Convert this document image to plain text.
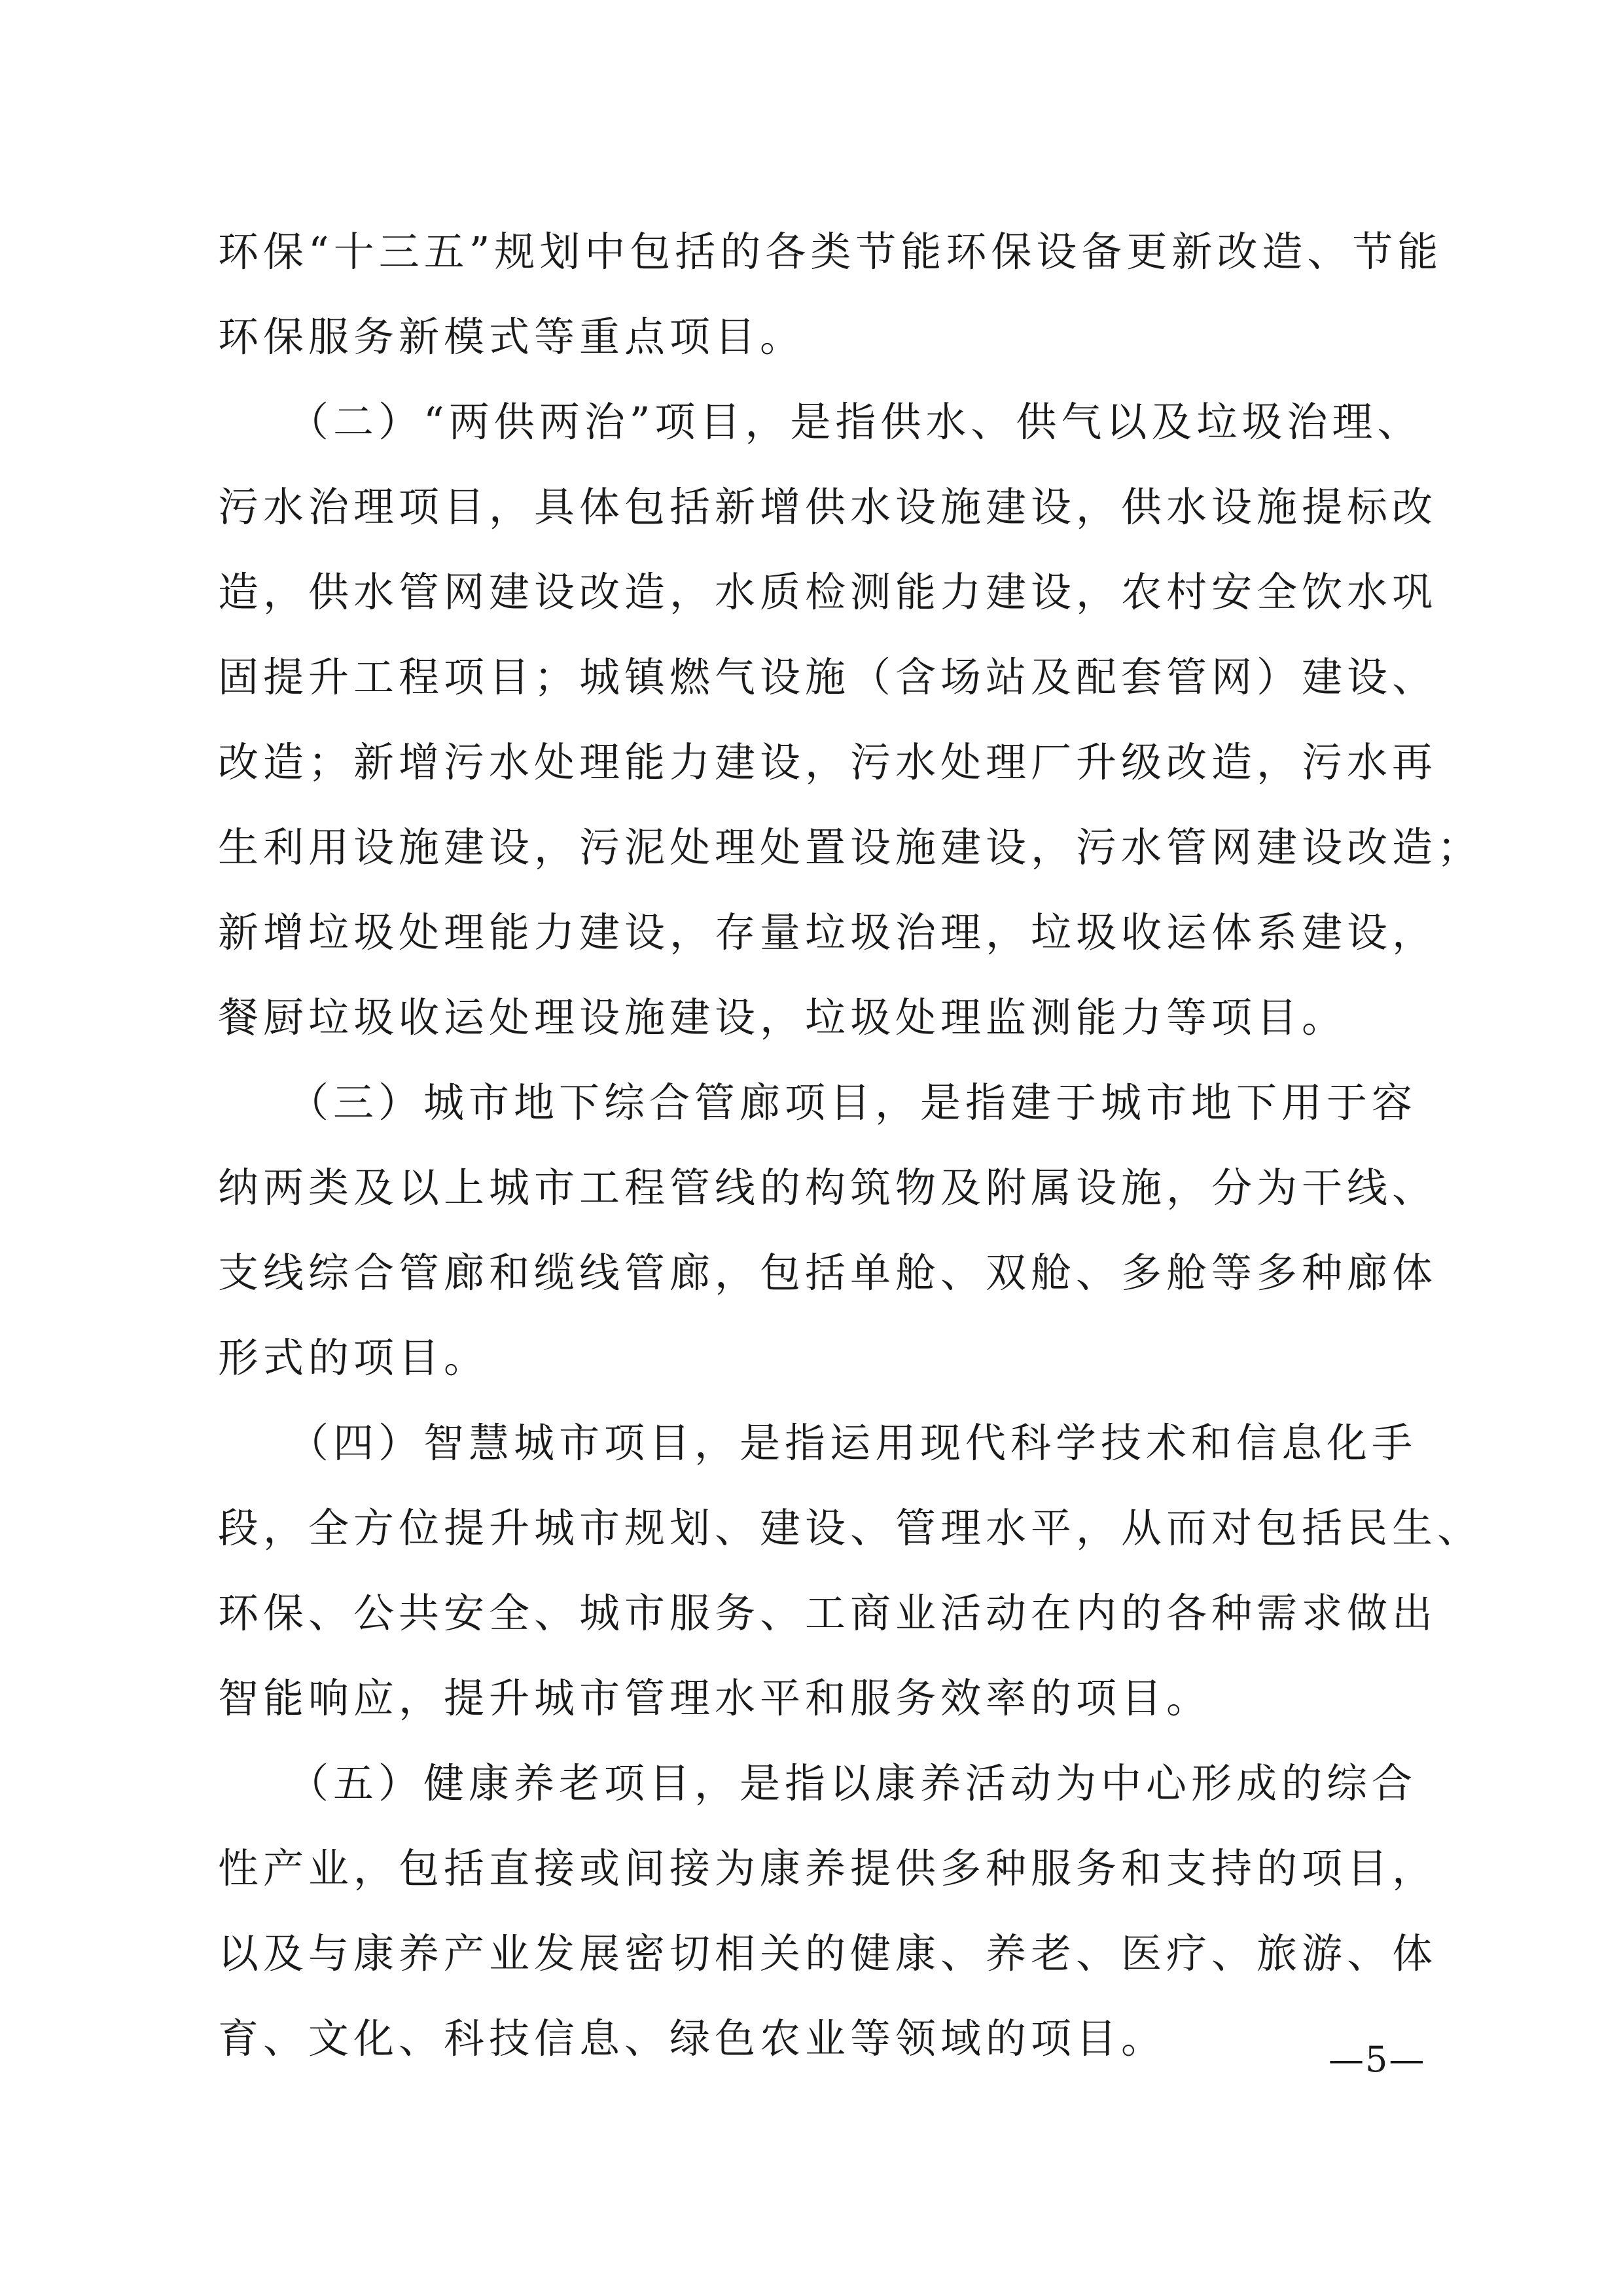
环保“十三五”规划中包括的各类节能环保设备更新改造、节能
环保服务新模式等重点项目。
　　（二）“两供两治”项目，是指供水、供气以及垃圾治理、
污水治理项目，具体包括新增供水设施建设，供水设施提标改
造，供水管网建设改造，水质检测能力建设，农村安全饮水巩
固提升工程项目；城镇燃气设施（含场站及配套管网）建设、
改造；新增污水处理能力建设，污水处理厂升级改造，污水再
生利用设施建设，污泥处理处置设施建设，污水管网建设改造；
新增垃圾处理能力建设，存量垃圾治理，垃圾收运体系建设，
餐厨垃圾收运处理设施建设，垃圾处理监测能力等项目。
　　（三）城市地下综合管廊项目，是指建于城市地下用于容
纳两类及以上城市工程管线的构筑物及附属设施，分为干线、
支线综合管廊和缆线管廊，包括单舱、双舱、多舱等多种廊体
形式的项目。
　　（四）智慧城市项目，是指运用现代科学技术和信息化手
段，全方位提升城市规划、建设、管理水平，从而对包括民生、
环保、公共安全、城市服务、工商业活动在内的各种需求做出
智能响应，提升城市管理水平和服务效率的项目。
　　（五）健康养老项目，是指以康养活动为中心形成的综合
性产业，包括直接或间接为康养提供多种服务和支持的项目，
以及与康养产业发展密切相关的健康、养老、医疗、旅游、体
育、文化、科技信息、绿色农业等领域的项目。	—5—
